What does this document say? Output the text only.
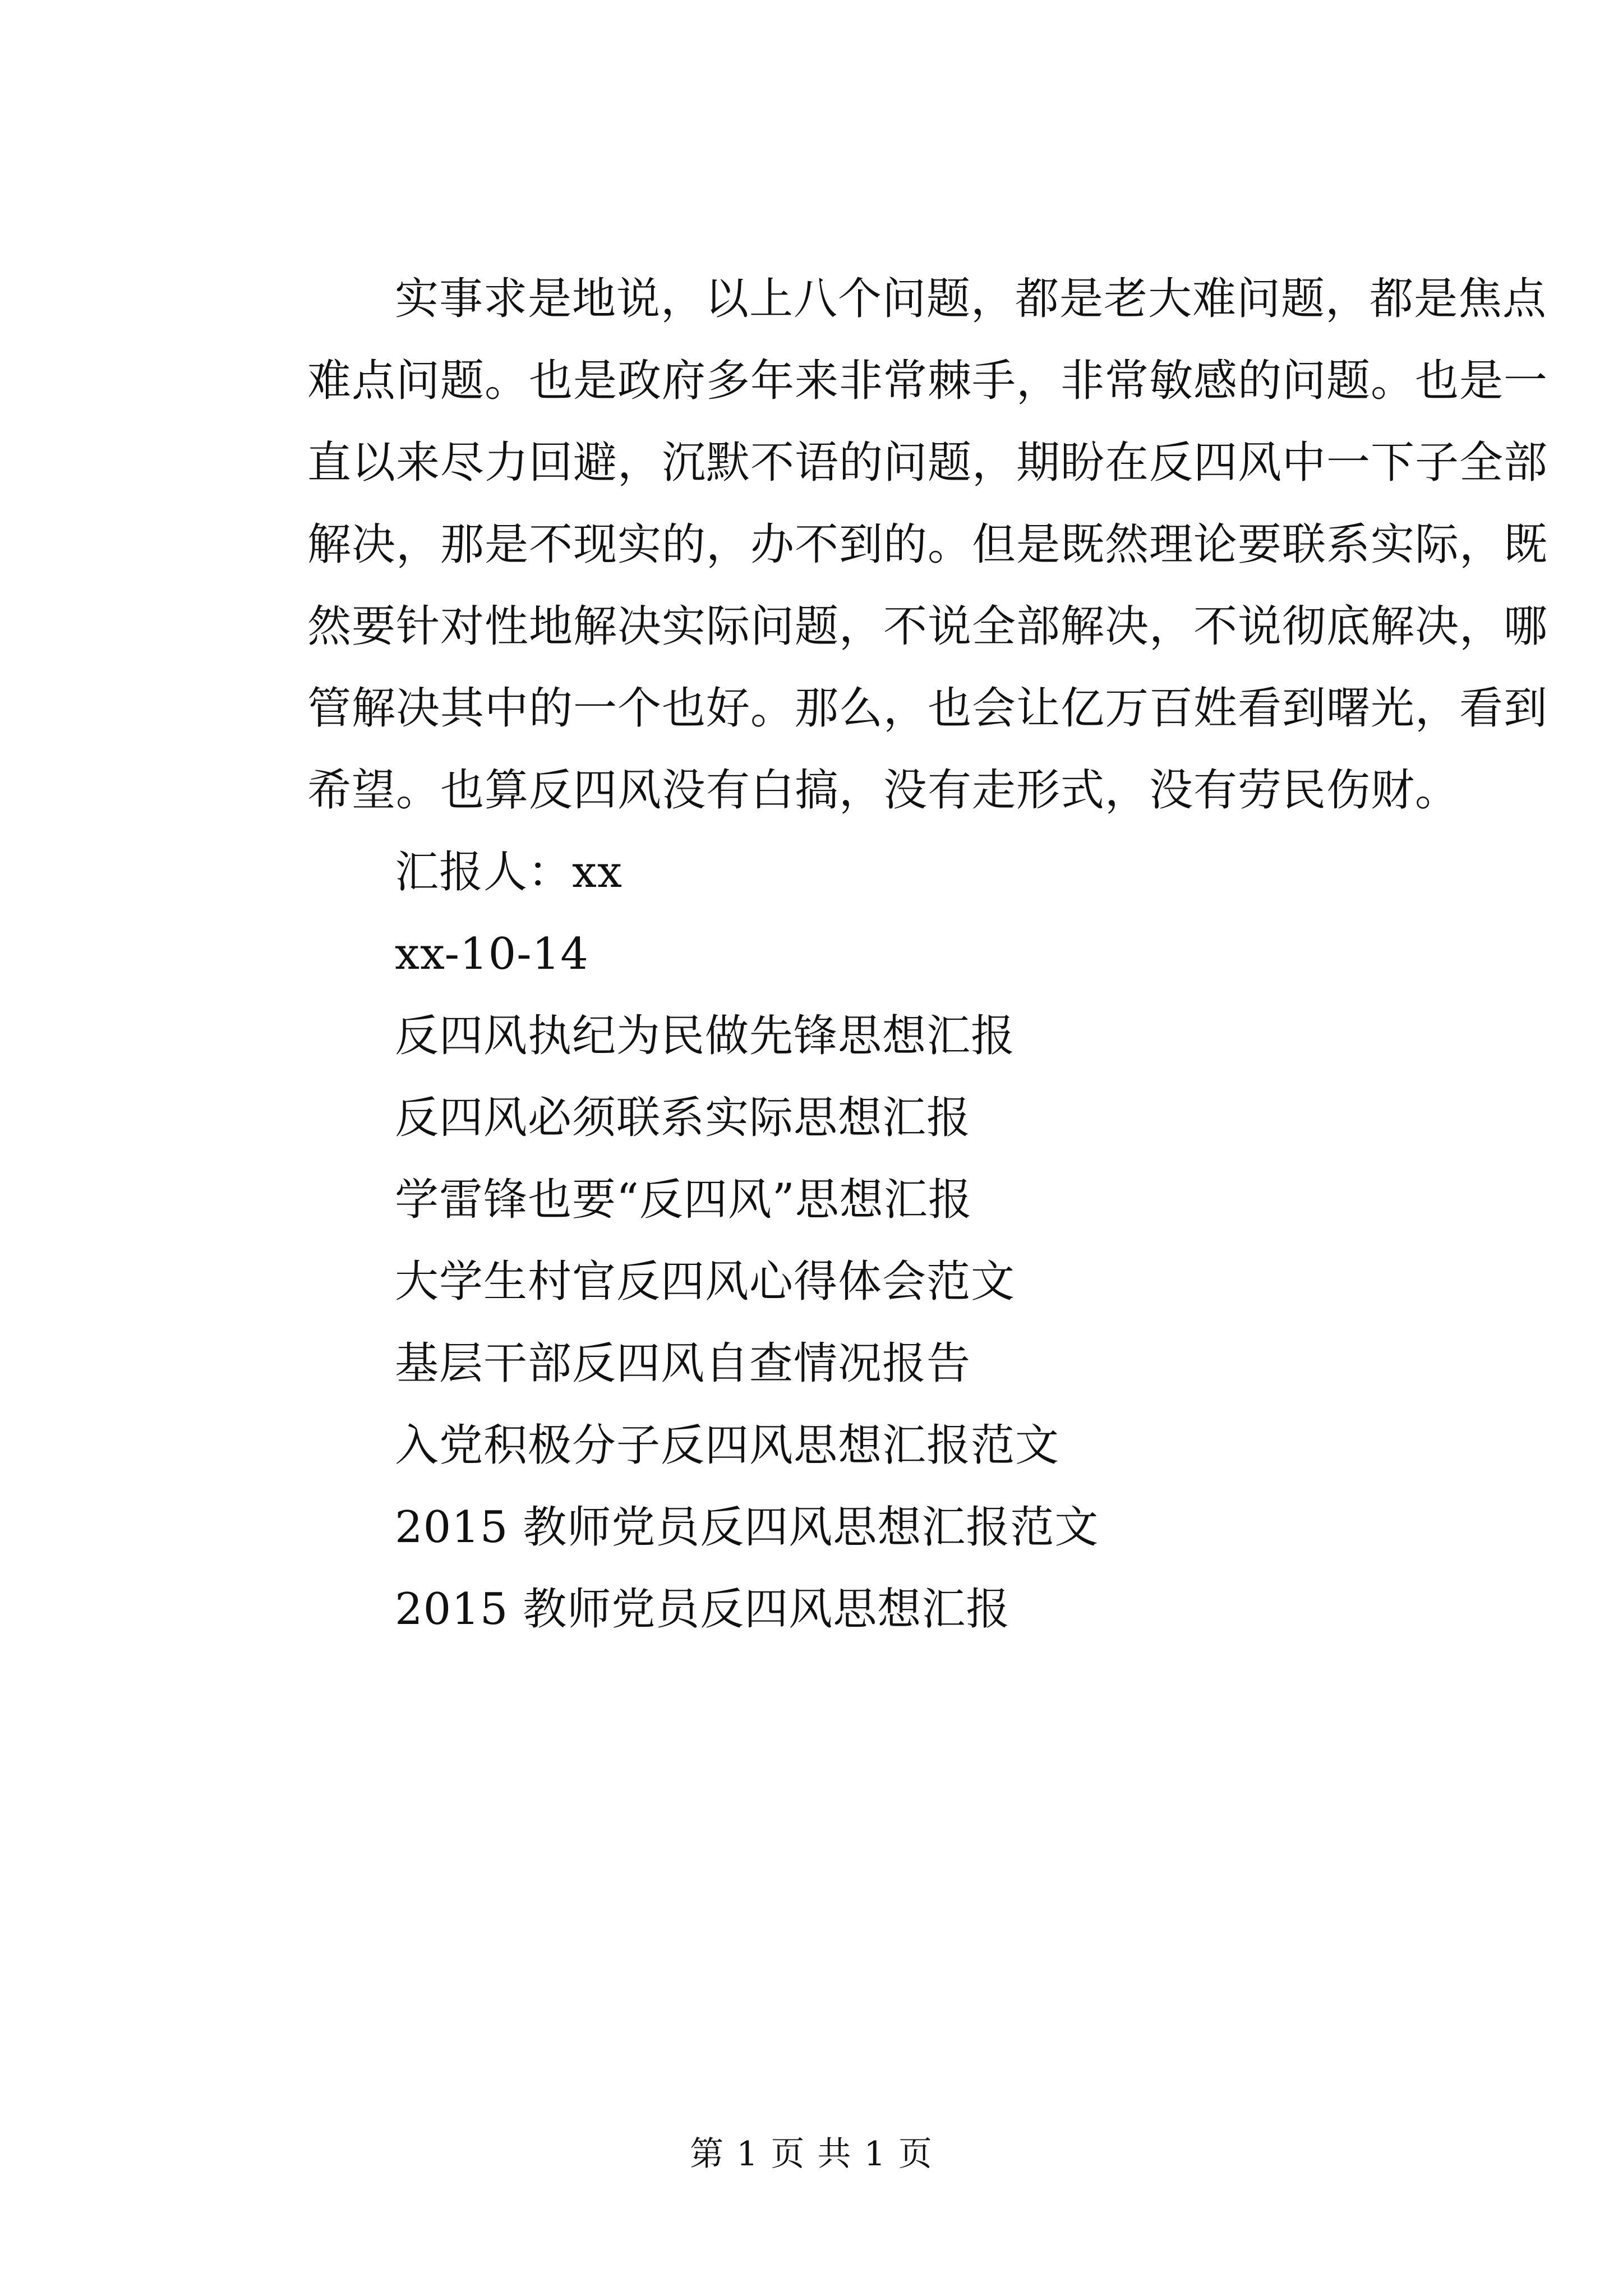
实事求是地说，以上八个问题，都是老大难问题，都是焦点
难点问题。也是政府多年来非常棘手，非常敏感的问题。也是一
直以来尽力回避，沉默不语的问题，期盼在反四风中一下子全部
解决，那是不现实的，办不到的。但是既然理论要联系实际，既
然要针对性地解决实际问题，不说全部解决，不说彻底解决，哪
管解决其中的一个也好。那么，也会让亿万百姓看到曙光，看到
希望。也算反四风没有白搞，没有走形式，没有劳民伤财。

汇报人：xx

xx-10-14

反四风执纪为民做先锋思想汇报

反四风必须联系实际思想汇报

学雷锋也要“反四风”思想汇报

大学生村官反四风心得体会范文

基层干部反四风自查情况报告

入党积极分子反四风思想汇报范文

2015 教师党员反四风思想汇报范文

2015 教师党员反四风思想汇报

第 1 页 共 1 页
